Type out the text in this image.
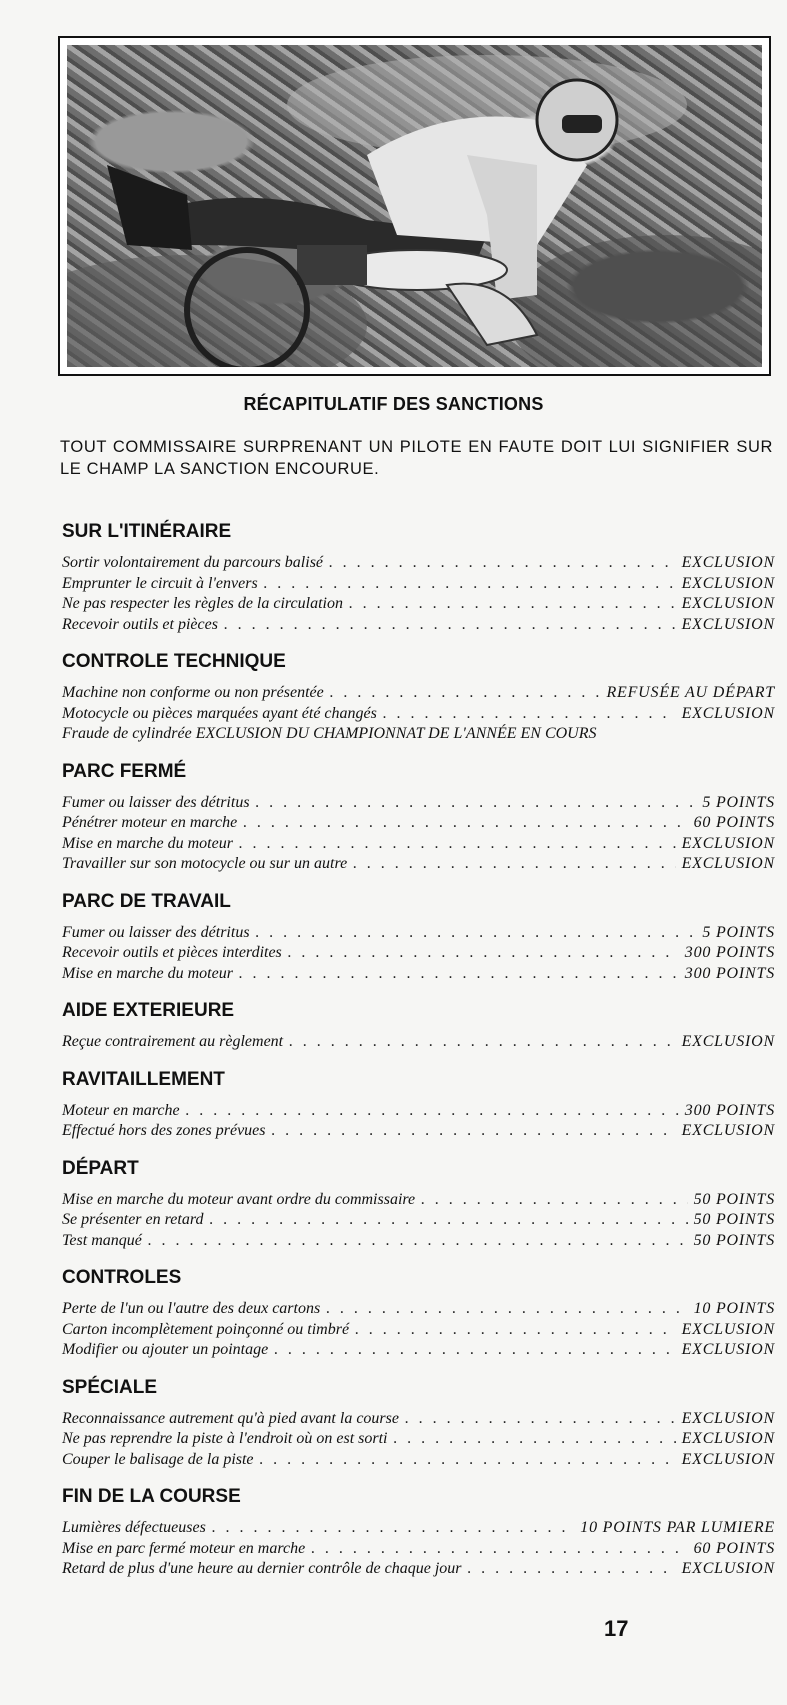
RÉCAPITULATIF DES SANCTIONS
TOUT COMMISSAIRE SURPRENANT UN PILOTE EN FAUTE DOIT LUI SIGNIFIER SUR LE CHAMP LA SANCTION ENCOURUE.
SUR L'ITINÉRAIRE
Sortir volontairement du parcours balisé . . .	EXCLUSION
Emprunter le circuit à l'envers . . .	EXCLUSION
Ne pas respecter les règles de la circulation . . .	EXCLUSION
Recevoir outils et pièces . . .	EXCLUSION
CONTROLE TECHNIQUE
Machine non conforme ou non présentée . . .	REFUSÉE AU DÉPART
Motocycle ou pièces marquées ayant été changés . . .	EXCLUSION
Fraude de cylindrée EXCLUSION DU CHAMPIONNAT DE L'ANNÉE EN COURS
PARC FERMÉ
Fumer ou laisser des détritus . . .	5 POINTS
Pénétrer moteur en marche . . .	60 POINTS
Mise en marche du moteur . . .	EXCLUSION
Travailler sur son motocycle ou sur un autre . . .	EXCLUSION
PARC DE TRAVAIL
Fumer ou laisser des détritus . . .	5 POINTS
Recevoir outils et pièces interdites . . .	300 POINTS
Mise en marche du moteur . . .	300 POINTS
AIDE EXTERIEURE
Reçue contrairement au règlement . . .	EXCLUSION
RAVITAILLEMENT
Moteur en marche . . .	300 POINTS
Effectué hors des zones prévues . . .	EXCLUSION
DÉPART
Mise en marche du moteur avant ordre du commissaire . . .	50 POINTS
Se présenter en retard . . .	50 POINTS
Test manqué . . .	50 POINTS
CONTROLES
Perte de l'un ou l'autre des deux cartons . . .	10 POINTS
Carton incomplètement poinçonné ou timbré . . .	EXCLUSION
Modifier ou ajouter un pointage . . .	EXCLUSION
SPÉCIALE
Reconnaissance autrement qu'à pied avant la course . . .	EXCLUSION
Ne pas reprendre la piste à l'endroit où on est sorti . . .	EXCLUSION
Couper le balisage de la piste . . .	EXCLUSION
FIN DE LA COURSE
Lumières défectueuses . . .	10 POINTS PAR LUMIERE
Mise en parc fermé moteur en marche . . .	60 POINTS
Retard de plus d'une heure au dernier contrôle de chaque jour . . .	EXCLUSION
17
